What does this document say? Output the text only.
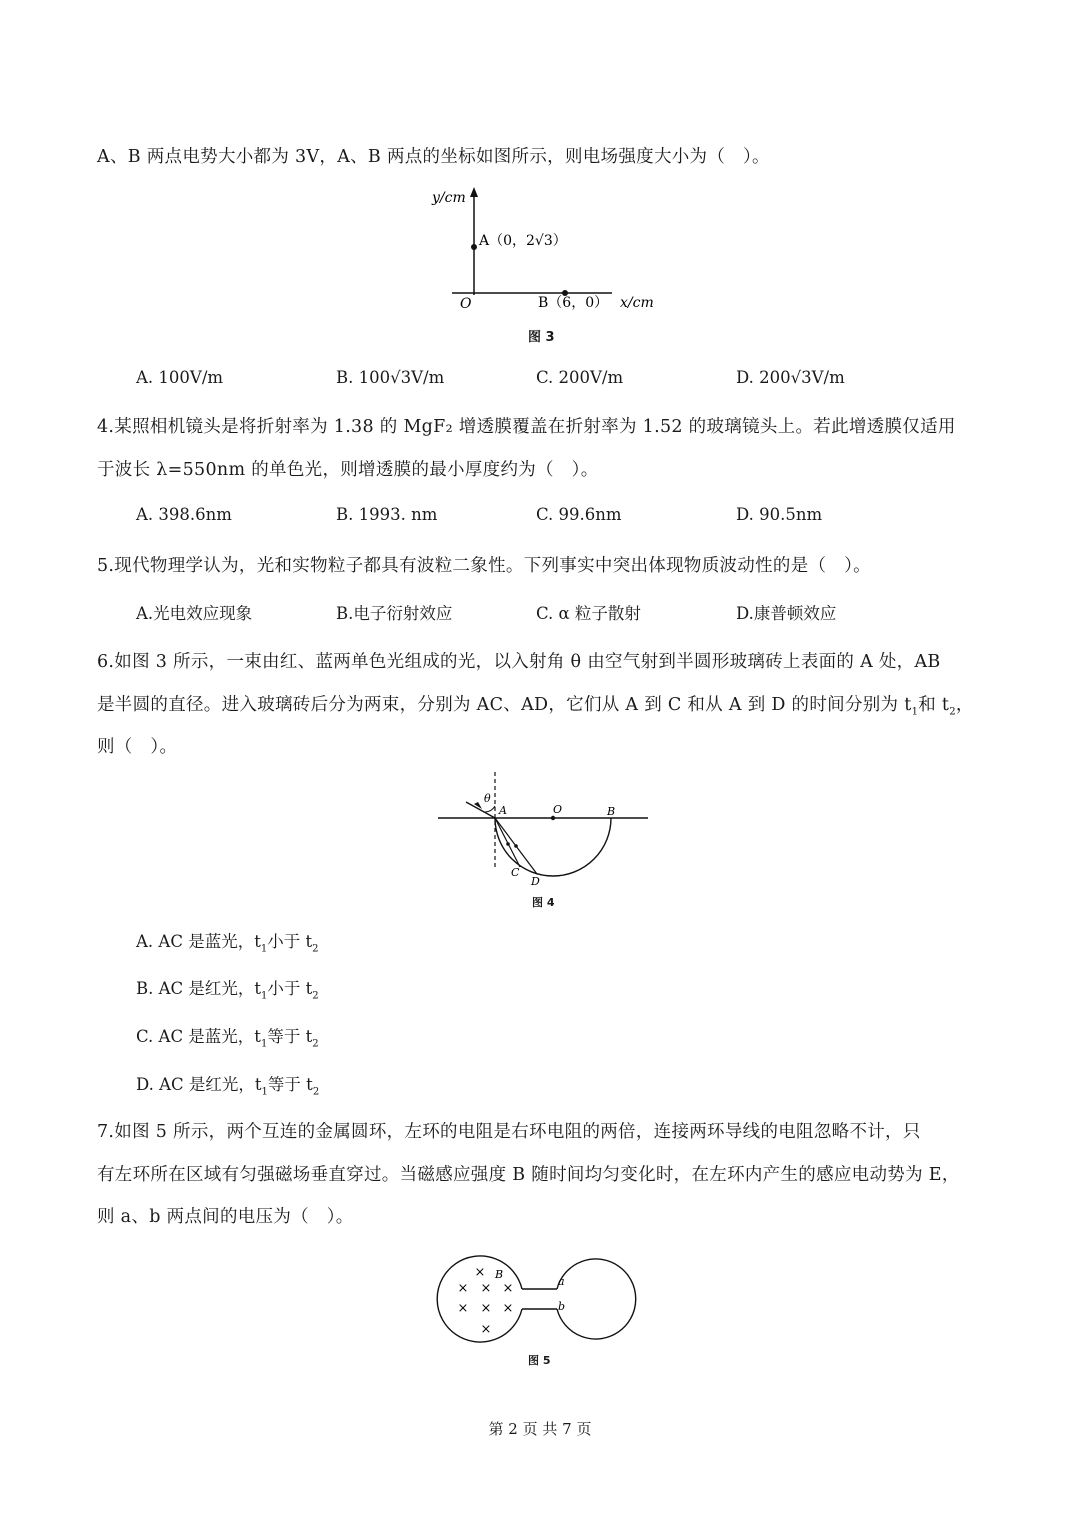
A、B 两点电势大小都为 3V，A、B 两点的坐标如图所示，则电场强度大小为（　）。
y/cm
O
A（0，2√3）
B（6，0） x/cm
图 3
A. 100V/m	B. 100√3V/m	C. 200V/m	D. 200√3V/m
4.某照相机镜头是将折射率为 1.38 的 MgF₂ 增透膜覆盖在折射率为 1.52 的玻璃镜头上。若此增透膜仅适用
于波长 λ=550nm 的单色光，则增透膜的最小厚度约为（　）。
A. 398.6nm	B. 1993. nm	C. 99.6nm	D. 90.5nm
5.现代物理学认为，光和实物粒子都具有波粒二象性。下列事实中突出体现物质波动性的是（　）。
A.光电效应现象	B.电子衍射效应	C. α 粒子散射	D.康普顿效应
6.如图 3 所示，一束由红、蓝两单色光组成的光，以入射角 θ 由空气射到半圆形玻璃砖上表面的 A 处，AB
是半圆的直径。进入玻璃砖后分为两束，分别为 AC、AD，它们从 A 到 C 和从 A 到 D 的时间分别为 $t_1$和 $t_2$，
则（　）。
θ
A	O	B
C
D
图 4
A. AC 是蓝光，$t_1$小于 $t_2$
B. AC 是红光，$t_1$小于 $t_2$
C. AC 是蓝光，$t_1$等于 $t_2$
D. AC 是红光，$t_1$等于 $t_2$
7.如图 5 所示，两个互连的金属圆环，左环的电阻是右环电阻的两倍，连接两环导线的电阻忽略不计，只
有左环所在区域有匀强磁场垂直穿过。当磁感应强度 B 随时间均匀变化时，在左环内产生的感应电动势为 E，
则 a、b 两点间的电压为（　）。
×
× × ×
× × ×
×
B
a
b
图 5
第 2 页 共 7 页
